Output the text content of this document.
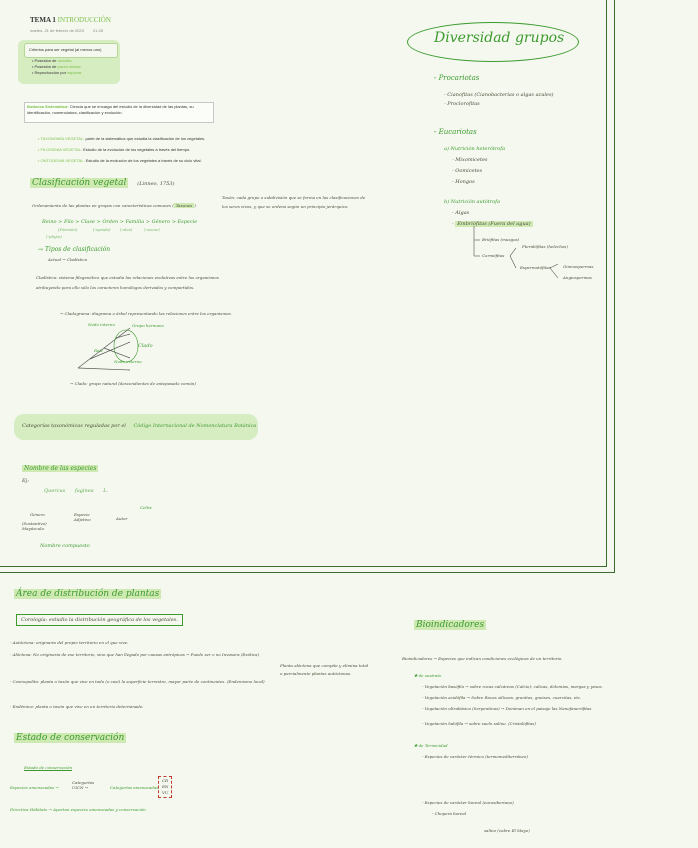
TEMA 1 INTRODUCCIÓN
martes, 21 de febrero de 2023 21:28
Criterios para ser vegetal (al menos uno)
• Posesión de clorofila
• Posesión de pared celular
• Reproducción por esporas
Botánica Sistemática: Ciencia que se encarga del estudio de la diversidad de las plantas, su identificación, nomenclatura, clasificación y evolución.
• TAXONOMÍA VEGETAL: parte de la sistemática que estudia la clasificación de los vegetales.
• FILOGENIA VEGETAL: Estudio de la evolución de los vegetales a través del tiempo.
• ONTOGENIA VEGETAL: Estudio de la evolución de los vegetales a través de su ciclo vital.
Clasificación vegetal (Linneo, 1753)
Ordenamiento de las plantas en grupos con características comunes ( Taxones )
Taxón: cada grupo o subdivisión que se forma en las clasificaciones de los seres vivos, y que se ordena según un principio jerárquico.
Reino > Filo > Clase > Orden > Familia > Género > Especie
(División)	(-opsida) (-ales)	(-aceae)
(-phyta)
→ Tipos de clasificación
Actual → Cladística
Cladística: sistema filogenético que estudia las relaciones evolutivas entre los organismos atribuyendo para ello sólo los caracteres homólogos derivados y compartidos.
→ Cladograma: diagrama o árbol representando las relaciones entre los organismos.
Nodo interno	Grupo hermano
Clado
Raíz
Nodo externo
→ Clado: grupo natural (descendientes de antepasado común)
Categorías taxonómicas reguladas por el Código Internacional de Nomenclatura Botánica
Nombre de las especies
Ej:
Quercus faginea L.
Género
(Sustantivo) Mayúscula
Especie
Adjetivo	Autor
Celtis
Nombre compuesto
Diversidad grupos
- Procariotas
- Cianofitas (Cianobacterias o algas azules)
- Proclorofitas
- Eucariotas
a) Nutrición heterótrofa
- Mixomicetes
- Oomicetes
- Hongos
b) Nutrición autótrofa
- Algas
- Embriófitas (Fuera del agua)
Briófitas (musgos)
Pteridófitas (helechos)
Cormófitas
Espermatófitas	Gimnospermas
Angiospermas
Área de distribución de plantas
Corología: estudio la distribución geográfica de los vegetales.
- Autóctona: originaria del propio territorio en el que vive.
- Alóctona: No originaria de ese territorio, sino que han llegado por causas antrópicas → Puede ser o no Invasora (Exótica)
Planta alóctona que compite y elimina total o parcialmente plantas autóctonas.
- Cosmopolita: planta o taxón que vive en todo (o casi) la superficie terrestre, mayor parte de continentes. (Endemismo local)
- Endémica: planta o taxón que vive en un territorio determinado.
Estado de conservación
Estado de conservación
Especies amenazadas →
Categorías UICN →	Categorías amenazadas
CR
EN
VU
Directiva Hábitats → Aportan especies amenazadas y conservación
Bioindicadores
Bioindicadores → Especies que indican condiciones ecológicas de un territorio.
✱ de sustrato
- Vegetación basófila → sobre rocas calcáreas (Calcio): calizas, dolomías, margas y yesos.
- Vegetación acidófila → Sobre Rocas silíceas: granitos, gneises, cuarcitas, etc.
- Vegetación ultrabásica (Serpentinas) → Dominan en el paisaje las Nanofanerófitas
- Vegetación halófila → sobre suelo salino. (Cristalófitas)
✱ de Termicidad
- Especies de carácter térmico (termomediterráneo)
- Especies de carácter boreal (eurosiberiano)
- Chopera boreal
salino (cobre El Mayo)
